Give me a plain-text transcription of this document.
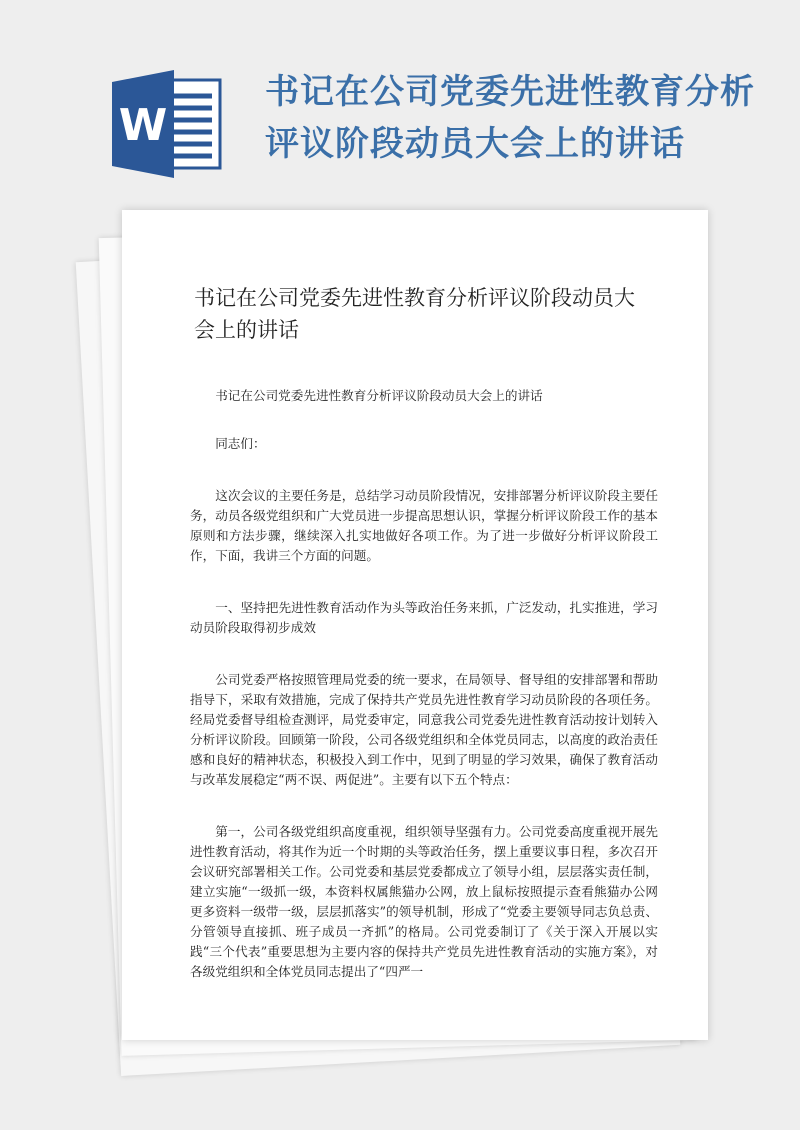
W
书记在公司党委先进性教育分析评议阶段动员大会上的讲话
书记在公司党委先进性教育分析评议阶段动员大会上的讲话

书记在公司党委先进性教育分析评议阶段动员大会上的讲话

同志们：

这次会议的主要任务是，总结学习动员阶段情况，安排部署分析评议阶段主要任务，动员各级党组织和广大党员进一步提高思想认识，掌握分析评议阶段工作的基本原则和方法步骤，继续深入扎实地做好各项工作。为了进一步做好分析评议阶段工作，下面，我讲三个方面的问题。

一、坚持把先进性教育活动作为头等政治任务来抓，广泛发动，扎实推进，学习动员阶段取得初步成效

公司党委严格按照管理局党委的统一要求，在局领导、督导组的安排部署和帮助指导下，采取有效措施，完成了保持共产党员先进性教育学习动员阶段的各项任务。经局党委督导组检查测评，局党委审定，同意我公司党委先进性教育活动按计划转入分析评议阶段。回顾第一阶段，公司各级党组织和全体党员同志，以高度的政治责任感和良好的精神状态，积极投入到工作中，见到了明显的学习效果，确保了教育活动与改革发展稳定“两不误、两促进”。主要有以下五个特点：

第一，公司各级党组织高度重视，组织领导坚强有力。公司党委高度重视开展先进性教育活动，将其作为近一个时期的头等政治任务，摆上重要议事日程，多次召开会议研究部署相关工作。公司党委和基层党委都成立了领导小组，层层落实责任制，建立实施“一级抓一级，本资料权属熊猫办公网，放上鼠标按照提示查看熊猫办公网更多资料一级带一级，层层抓落实”的领导机制，形成了“党委主要领导同志负总责、分管领导直接抓、班子成员一齐抓”的格局。公司党委制订了《关于深入开展以实践“三个代表”重要思想为主要内容的保持共产党员先进性教育活动的实施方案》，对各级党组织和全体党员同志提出了“四严一
